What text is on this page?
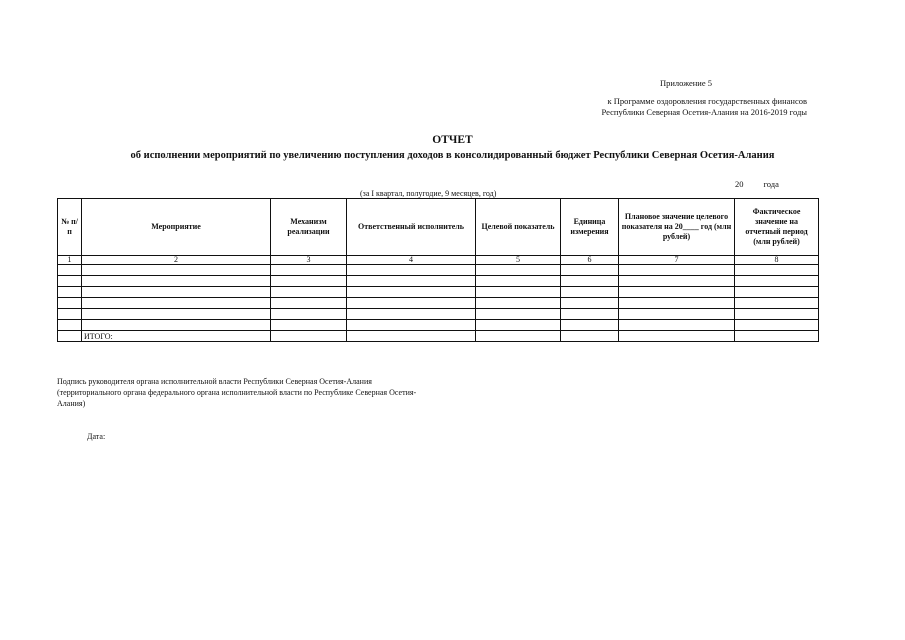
Приложение 5
к Программе оздоровления государственных финансов
Республики Северная Осетия-Алания на 2016-2019 годы
ОТЧЕТ
об исполнении мероприятий по увеличению поступления доходов в консолидированный бюджет Республики Северная Осетия-Алания
20 года
(за I квартал, полугодие, 9 месяцев, год)
№ п/п	Мероприятие	Механизм реализации	Ответственный исполнитель	Целевой показатель	Единица измерения	Плановое значение целевого показателя на 20____ год (млн рублей)	Фактическое значение на отчетный период (млн рублей)
1	2	3	4	5	6	7	8

	ИТОГО:						
Подпись руководителя органа исполнительной власти Республики Северная Осетия-Алания
(территориального органа федерального органа исполнительной власти по Республике Северная Осетия-
Алания)
Дата:
